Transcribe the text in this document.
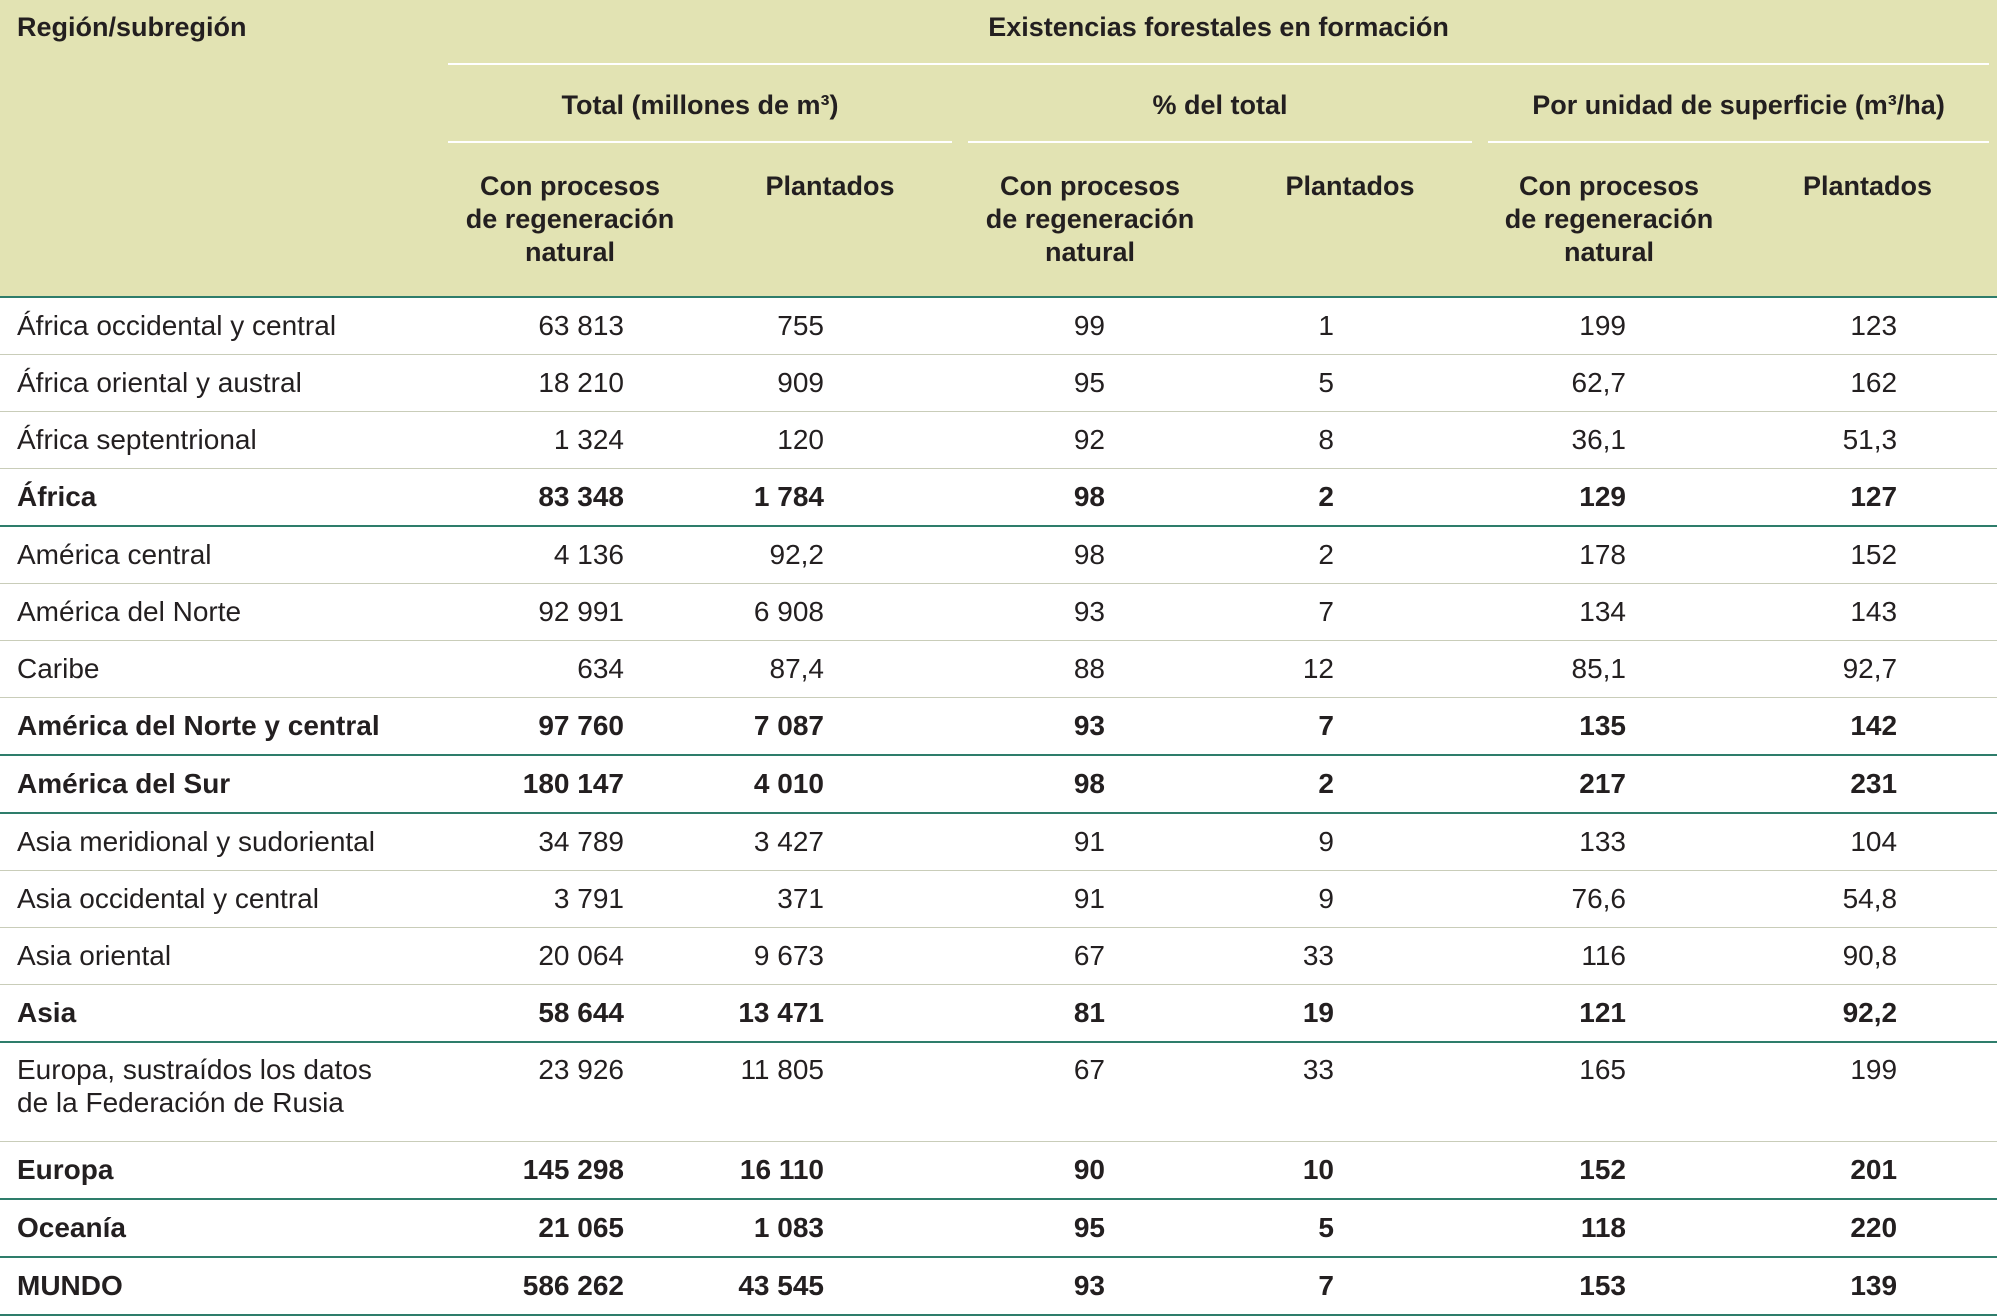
Región/subregión	Existencias forestales en formación					

	Total (millones de m³)		% del total		Por unidad de superficie (m³/ha)	

	Con procesos
de regeneración
natural	Plantados	Con procesos
de regeneración
natural	Plantados	Con procesos
de regeneración
natural	Plantados
África occidental y central	63 813	755	99	1	199	123
África oriental y austral	18 210	909	95	5	62,7	162
África septentrional	1 324	120	92	8	36,1	51,3
África	83 348	1 784	98	2	129	127
América central	4 136	92,2	98	2	178	152
América del Norte	92 991	6 908	93	7	134	143
Caribe	634	87,4	88	12	85,1	92,7
América del Norte y central	97 760	7 087	93	7	135	142
América del Sur	180 147	4 010	98	2	217	231
Asia meridional y sudoriental	34 789	3 427	91	9	133	104
Asia occidental y central	3 791	371	91	9	76,6	54,8
Asia oriental	20 064	9 673	67	33	116	90,8
Asia	58 644	13 471	81	19	121	92,2
Europa, sustraídos los datos de la Federación de Rusia	23 926	11 805	67	33	165	199
Europa	145 298	16 110	90	10	152	201
Oceanía	21 065	1 083	95	5	118	220
MUNDO	586 262	43 545	93	7	153	139
